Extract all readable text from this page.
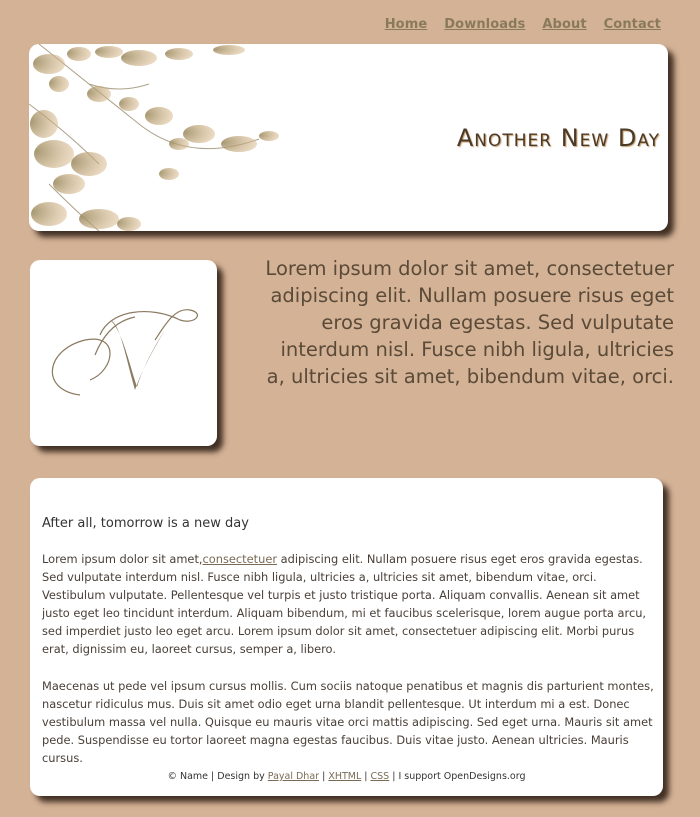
Home Downloads About Contact
Another New Day
Lorem ipsum dolor sit amet, consectetuer adipiscing elit. Nullam posuere risus eget eros gravida egestas. Sed vulputate interdum nisl. Fusce nibh ligula, ultricies a, ultricies sit amet, bibendum vitae, orci.
After all, tomorrow is a new day

Lorem ipsum dolor sit amet,consectetuer adipiscing elit. Nullam posuere risus eget eros gravida egestas. Sed vulputate interdum nisl. Fusce nibh ligula, ultricies a, ultricies sit amet, bibendum vitae, orci. Vestibulum vulputate. Pellentesque vel turpis et justo tristique porta. Aliquam convallis. Aenean sit amet justo eget leo tincidunt interdum. Aliquam bibendum, mi et faucibus scelerisque, lorem augue porta arcu, sed imperdiet justo leo eget arcu. Lorem ipsum dolor sit amet, consectetuer adipiscing elit. Morbi purus erat, dignissim eu, laoreet cursus, semper a, libero.

Maecenas ut pede vel ipsum cursus mollis. Cum sociis natoque penatibus et magnis dis parturient montes, nascetur ridiculus mus. Duis sit amet odio eget urna blandit pellentesque. Ut interdum mi a est. Donec vestibulum massa vel nulla. Quisque eu mauris vitae orci mattis adipiscing. Sed eget urna. Mauris sit amet pede. Suspendisse eu tortor laoreet magna egestas faucibus. Duis vitae justo. Aenean ultricies. Mauris cursus.

© Name | Design by Payal Dhar | XHTML | CSS | I support OpenDesigns.org
